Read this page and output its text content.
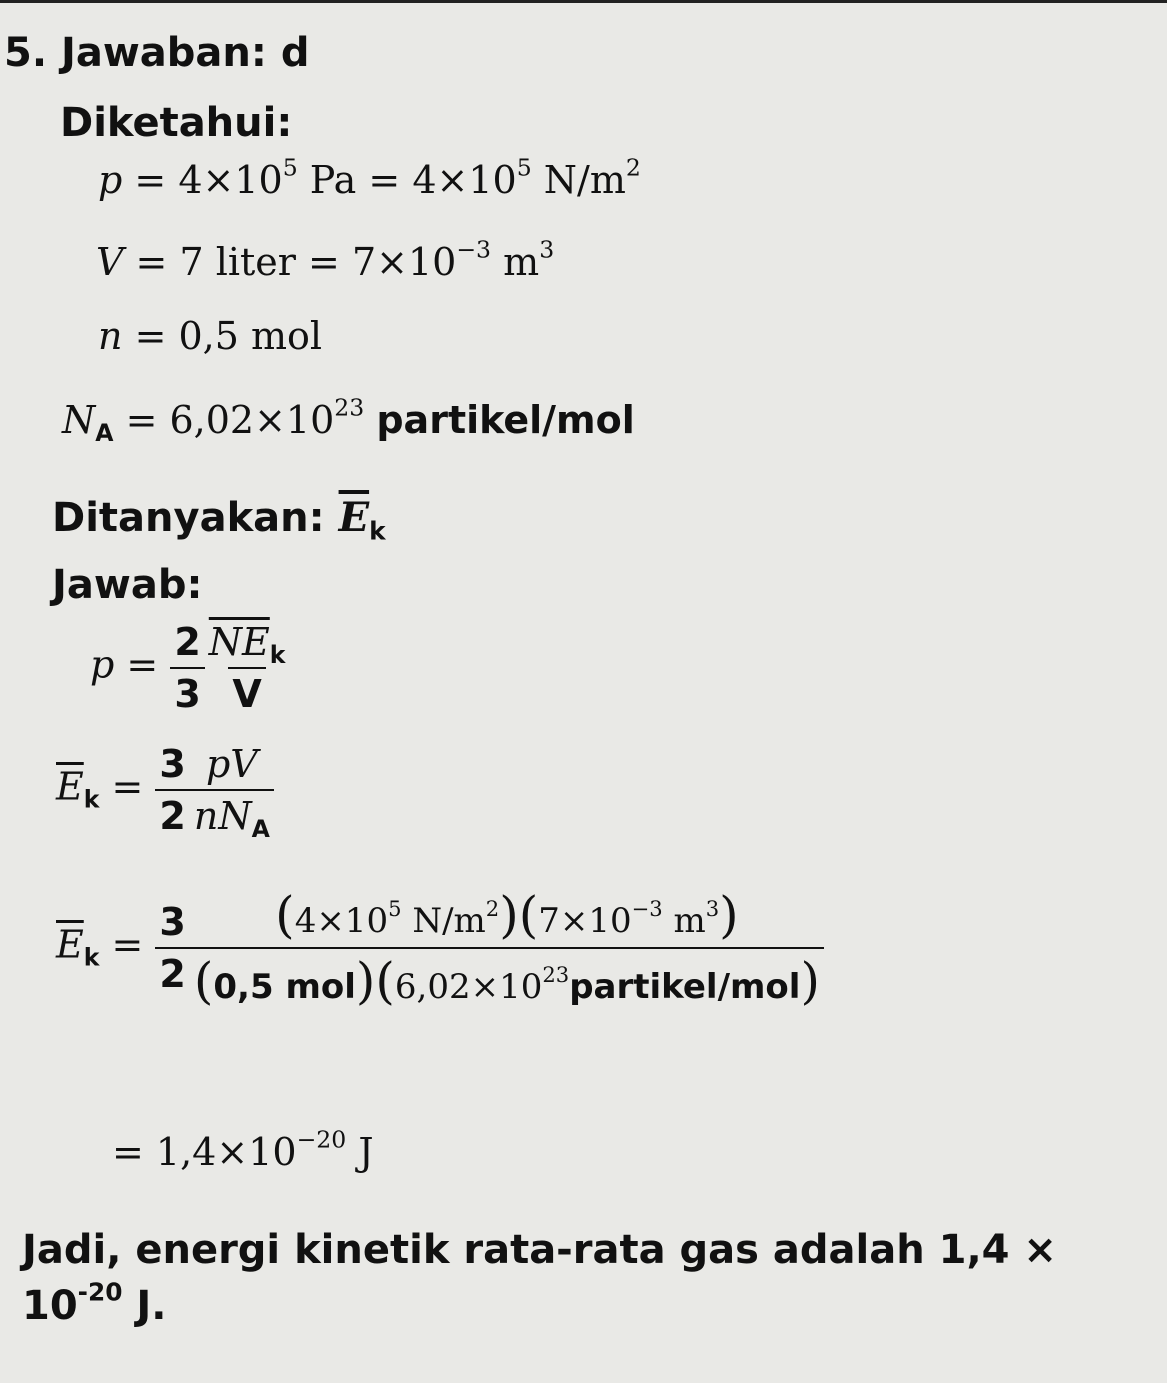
5. Jawaban: d
Diketahui:
$p = 4\times 10^5$ $Pa = 4\times 10^5$ $N/m^2$
V = 7 liter = $7\times 10^{-3}$ $m^3$
n = 0,5 mol
$N_A = 6,02\times 10^{23}$ partikel/mol
Ditanyakan: $\overline{E}_k$
Jawab:
$p = \frac{2}{3} \frac{\overline{NE}_k}{V}$
$\overline{E}_k = \frac{3}{2} \frac{pV}{nN_A}$
$\overline{E}_k = \frac{3}{2} \frac{(4\times 10^5 N/m^2)(7\times 10^{-3} m^3)}{(0,5 mol)(6,02\times 10^{23}partikel/mol)}$
= $1,4\times 10^{-20}$ J
Jadi, energi kinetik rata-rata gas adalah 1,4 ×
$10^{-20}$ J.
